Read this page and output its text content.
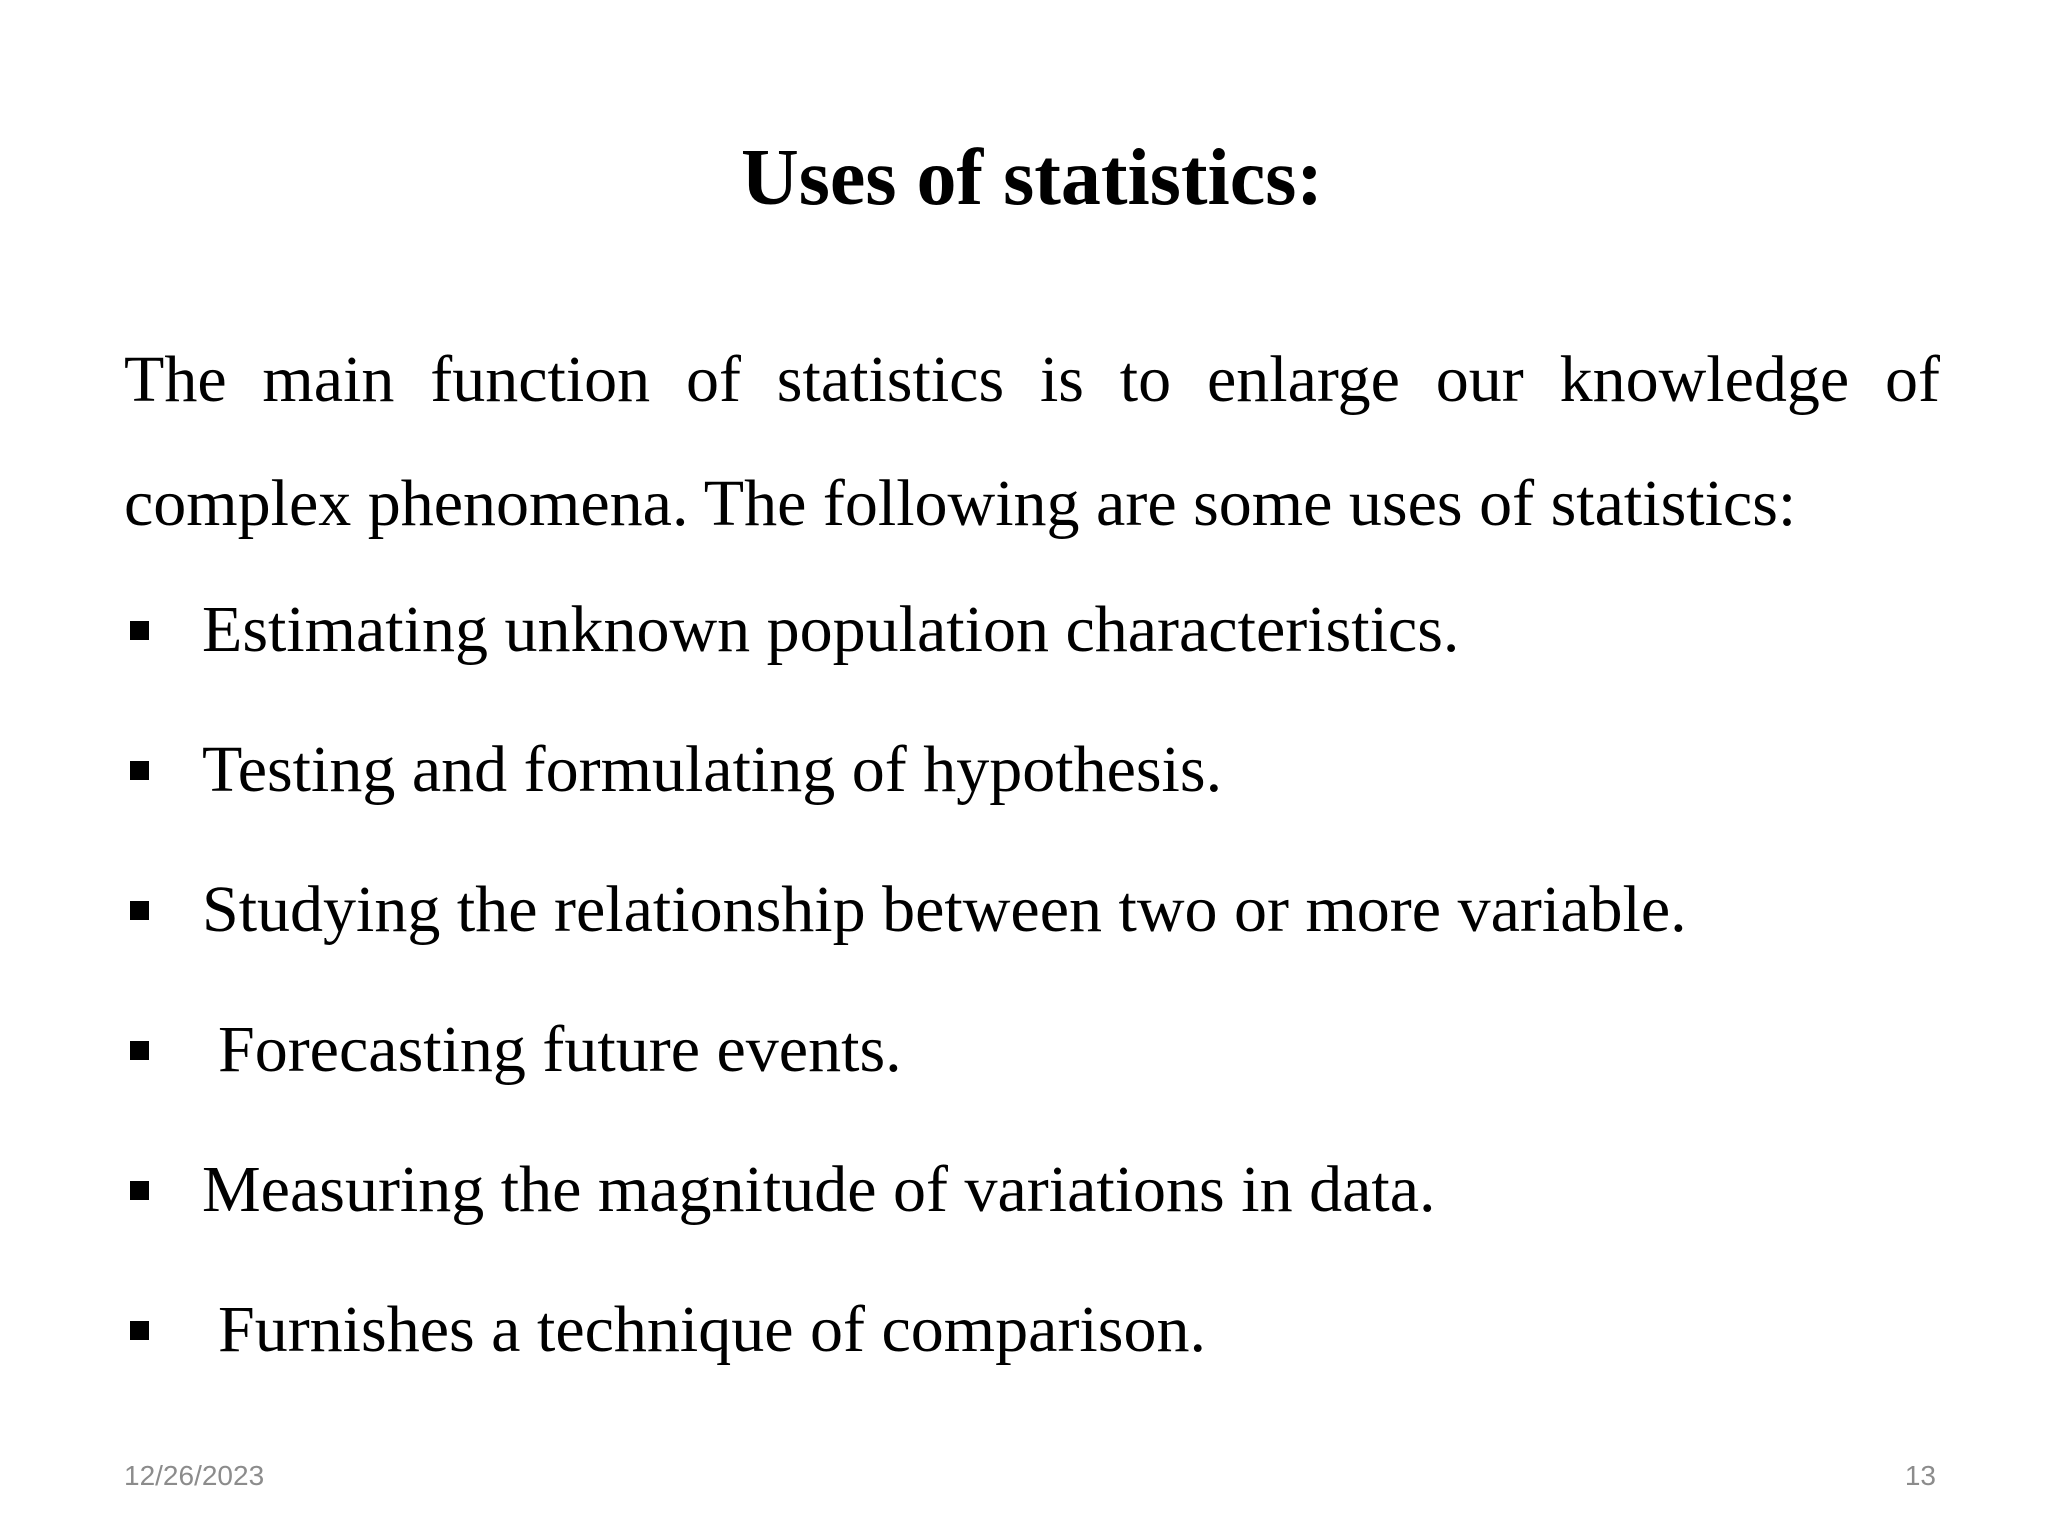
Uses of statistics:
The main function of statistics is to enlarge our knowledge of
complex phenomena. The following are some uses of statistics:
Estimating unknown population characteristics.
Testing and formulating of hypothesis.
Studying the relationship between two or more variable.
Forecasting future events.
Measuring the magnitude of variations in data.
Furnishes a technique of comparison.
12/26/2023	13
